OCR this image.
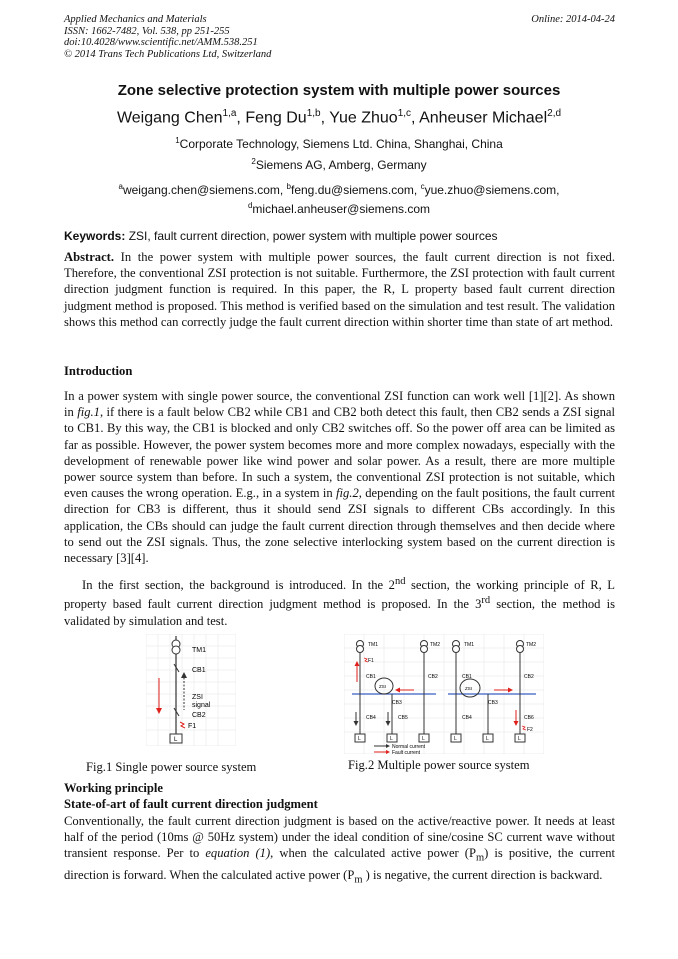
Applied Mechanics and Materials
ISSN: 1662-7482, Vol. 538, pp 251-255
doi:10.4028/www.scientific.net/AMM.538.251
© 2014 Trans Tech Publications Ltd, Switzerland
Online: 2014-04-24
Zone selective protection system with multiple power sources
Weigang Chen$^{1,a}$, Feng Du$^{1,b}$, Yue Zhuo$^{1,c}$, Anheuser Michael$^{2,d}$
$^1$Corporate Technology, Siemens Ltd. China, Shanghai, China
$^2$Siemens AG, Amberg, Germany
$^a$weigang.chen@siemens.com, $^b$feng.du@siemens.com, $^c$yue.zhuo@siemens.com,
$^d$michael.anheuser@siemens.com
Keywords: ZSI, fault current direction, power system with multiple power sources
Abstract. In the power system with multiple power sources, the fault current direction is not fixed. Therefore, the conventional ZSI protection is not suitable. Furthermore, the ZSI protection with fault current direction judgment function is required. In this paper, the R, L property based fault current direction judgment method is proposed. This method is verified based on the simulation and test result. The validation shows this method can correctly judge the fault current direction within shorter time than state of art method.
Introduction
In a power system with single power source, the conventional ZSI function can work well [1][2]. As shown in fig.1, if there is a fault below CB2 while CB1 and CB2 both detect this fault, then CB2 sends a ZSI signal to CB1. By this way, the CB1 is blocked and only CB2 switches off. So the power off area can be limited as far as possible. However, the power system becomes more and more complex nowadays, especially with the development of renewable power like wind power and solar power. As a result, there are more multiple power source system than before. In such a system, the conventional ZSI protection is not suitable, which even causes the wrong operation. E.g., in a system in fig.2, depending on the fault positions, the fault current direction for CB3 is different, thus it should send ZSI signals to different CBs accordingly. In this application, the CBs should can judge the fault current direction through themselves and then decide where to send out the ZSI signals. Thus, the zone selective interlocking system based on the current direction is necessary [3][4].
In the first section, the background is introduced. In the 2nd section, the working principle of R, L property based fault current direction judgment method is proposed. In the 3rd section, the method is validated by simulation and test.
TM1
CB1
ZSI
signal
CB2
F1
L
Fig.1 Single power source system
TM1	TM2
F1
ZSI
CB1	CB2
CB3
CB4	CB5
L	L	L
TM1	TM2
ZSI
CB1	CB2
CB3
CB4	CB6
F2
L	L	L
Normal current
Fault current
Fig.2 Multiple power source system
Working principle
State-of-art of fault current direction judgment
Conventionally, the fault current direction judgment is based on the active/reactive power. It needs at least half of the period (10ms @ 50Hz system) under the ideal condition of sine/cosine SC current wave without transient response. Per to equation (1), when the calculated active power $(P_m)$ is positive, the current direction is forward. When the calculated active power ($P_m$ ) is negative, the current direction is backward.
